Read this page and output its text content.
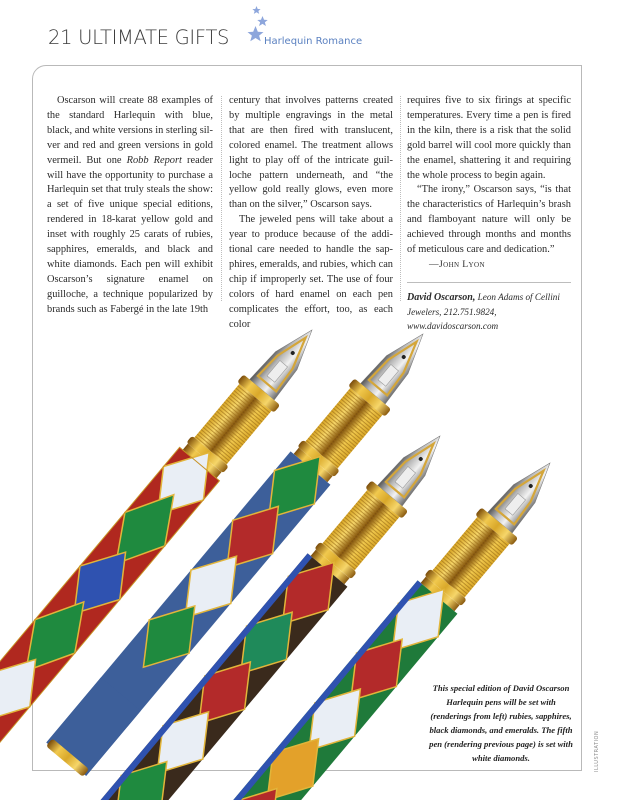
21 ULTIMATE GIFTS	Harlequin Romance

Oscarson will create 88 examples of the standard Harlequin with blue, black, and white versions in sterling silver and red and green versions in gold vermeil. But one Robb Report reader will have the opportunity to purchase a Harlequin set that truly steals the show: a set of five unique special editions, rendered in 18-karat yellow gold and inset with roughly 25 carats of rubies, sapphires, emeralds, and black and white diamonds. Each pen will exhibit Oscarson’s signature enamel on guilloche, a technique popularized by brands such as Fabergé in the late 19th

century that involves patterns created by multiple engravings in the metal that are then fired with translucent, colored enamel. The treatment allows light to play off of the intricate guilloche pattern underneath, and “the yellow gold really glows, even more than on the silver,” Oscarson says.

The jeweled pens will take about a year to produce because of the additional care needed to handle the sapphires, emeralds, and rubies, which can chip if improperly set. The use of four colors of hard enamel on each pen complicates the effort, too, as each color

requires five to six firings at specific temperatures. Every time a pen is fired in the kiln, there is a risk that the solid gold barrel will cool more quickly than the enamel, shattering it and requiring the whole process to begin again.

“The irony,” Oscarson says, “is that the characteristics of Harlequin’s brash and flamboyant nature will only be achieved through months and months of meticulous care and dedication.”

—John Lyon

David Oscarson, Leon Adams of Cellini Jewelers, 212.751.9824, www.davidoscarson.com
This special edition of David Oscarson Harlequin pens will be set with (renderings from left) rubies, sapphires, black diamonds, and emeralds. The fifth pen (rendering previous page) is set with white diamonds.	ILLUSTRATION
